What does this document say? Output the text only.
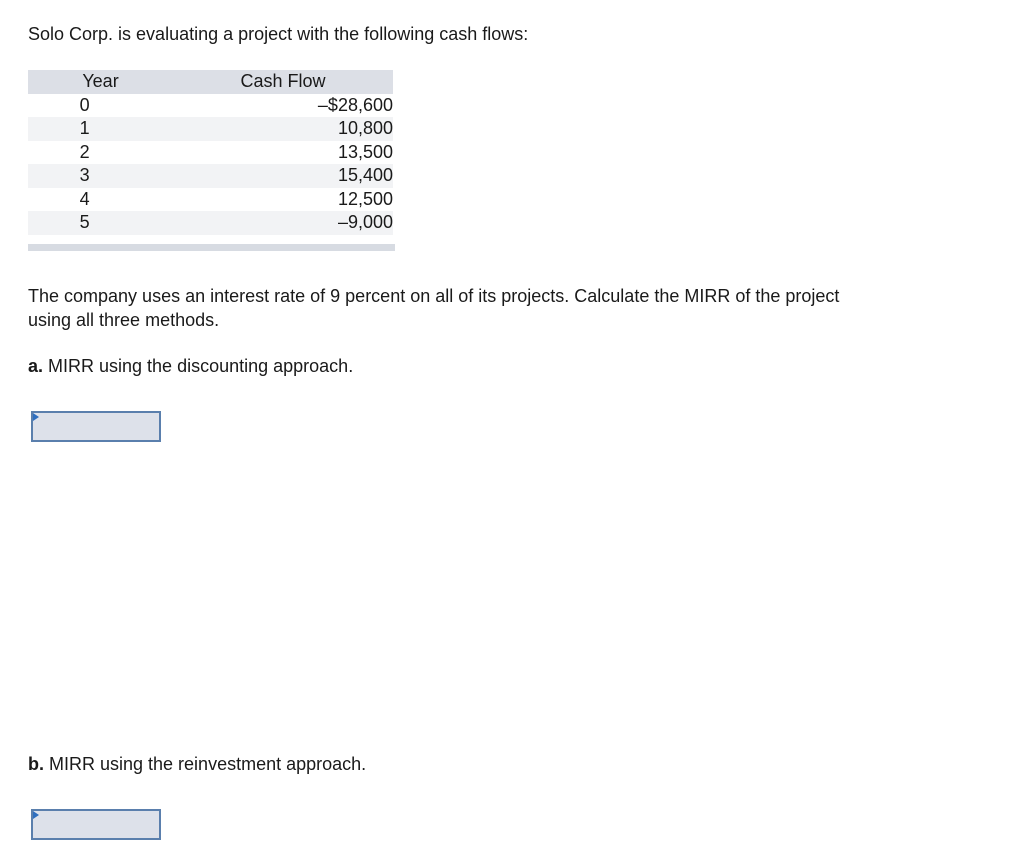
Solo Corp. is evaluating a project with the following cash flows:
Year	Cash Flow
0	–$28,600
1	10,800
2	13,500
3	15,400
4	12,500
5	–9,000
The company uses an interest rate of 9 percent on all of its projects. Calculate the MIRR of the project using all three methods.
a. MIRR using the discounting approach.
b. MIRR using the reinvestment approach.
